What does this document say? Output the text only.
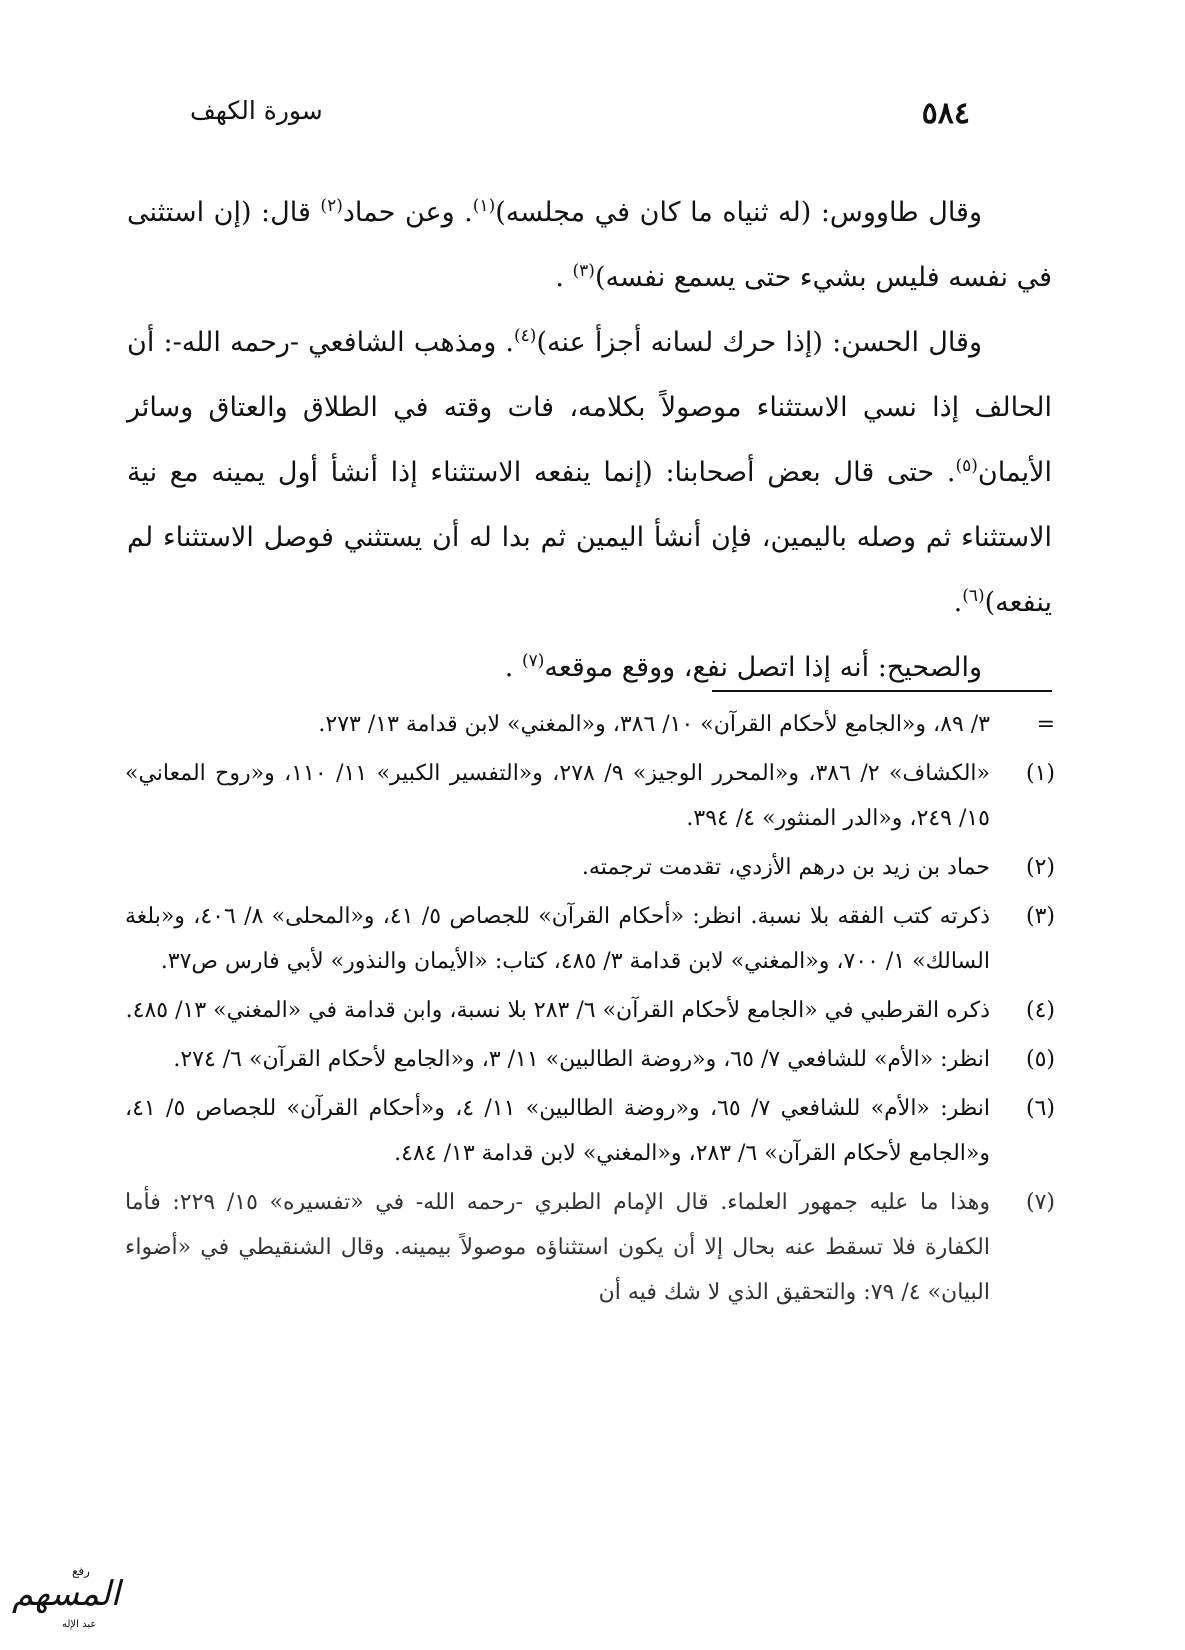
٥٨٤
سورة الكهف

وقال طاووس: (له ثنياه ما كان في مجلسه)$^{(١)}$. وعن حماد$^{(٢)}$ قال: (إن استثنى في نفسه فليس بشيء حتى يسمع نفسه)$^{(٣)}$ .

وقال الحسن: (إذا حرك لسانه أجزأ عنه)$^{(٤)}$. ومذهب الشافعي -رحمه الله-: أن الحالف إذا نسي الاستثناء موصولاً بكلامه، فات وقته في الطلاق والعتاق وسائر الأيمان$^{(٥)}$. حتى قال بعض أصحابنا: (إنما ينفعه الاستثناء إذا أنشأ أول يمينه مع نية الاستثناء ثم وصله باليمين، فإن أنشأ اليمين ثم بدا له أن يستثني فوصل الاستثناء لم ينفعه)$^{(٦)}$.

والصحيح: أنه إذا اتصل نفع، ووقع موقعه$^{(٧)}$ .

=
٣/ ٨٩، و«الجامع لأحكام القرآن» ١٠/ ٣٨٦، و«المغني» لابن قدامة ١٣/ ٢٧٣.
(١)
«الكشاف» ٢/ ٣٨٦، و«المحرر الوجيز» ٩/ ٢٧٨، و«التفسير الكبير» ١١/ ١١٠، و«روح المعاني» ١٥/ ٢٤٩، و«الدر المنثور» ٤/ ٣٩٤.
(٢)
حماد بن زيد بن درهم الأزدي، تقدمت ترجمته.
(٣)
ذكرته كتب الفقه بلا نسبة. انظر: «أحكام القرآن» للجصاص ٥/ ٤١، و«المحلى» ٨/ ٤٠٦، و«بلغة السالك» ١/ ٧٠٠، و«المغني» لابن قدامة ٣/ ٤٨٥، كتاب: «الأيمان والنذور» لأبي فارس ص٣٧.
(٤)
ذكره القرطبي في «الجامع لأحكام القرآن» ٦/ ٢٨٣ بلا نسبة، وابن قدامة في «المغني» ١٣/ ٤٨٥.
(٥)
انظر: «الأم» للشافعي ٧/ ٦٥، و«روضة الطالبين» ١١/ ٣، و«الجامع لأحكام القرآن» ٦/ ٢٧٤.
(٦)
انظر: «الأم» للشافعي ٧/ ٦٥، و«روضة الطالبين» ١١/ ٤، و«أحكام القرآن» للجصاص ٥/ ٤١، و«الجامع لأحكام القرآن» ٦/ ٢٨٣، و«المغني» لابن قدامة ١٣/ ٤٨٤.
(٧)
وهذا ما عليه جمهور العلماء. قال الإمام الطبري -رحمه الله- في «تفسيره» ١٥/ ٢٢٩: فأما الكفارة فلا تسقط عنه بحال إلا أن يكون استثناؤه موصولاً بيمينه. وقال الشنقيطي في «أضواء البيان» ٤/ ٧٩: والتحقيق الذي لا شك فيه أن
رفع
المسهم
عبد الإله
